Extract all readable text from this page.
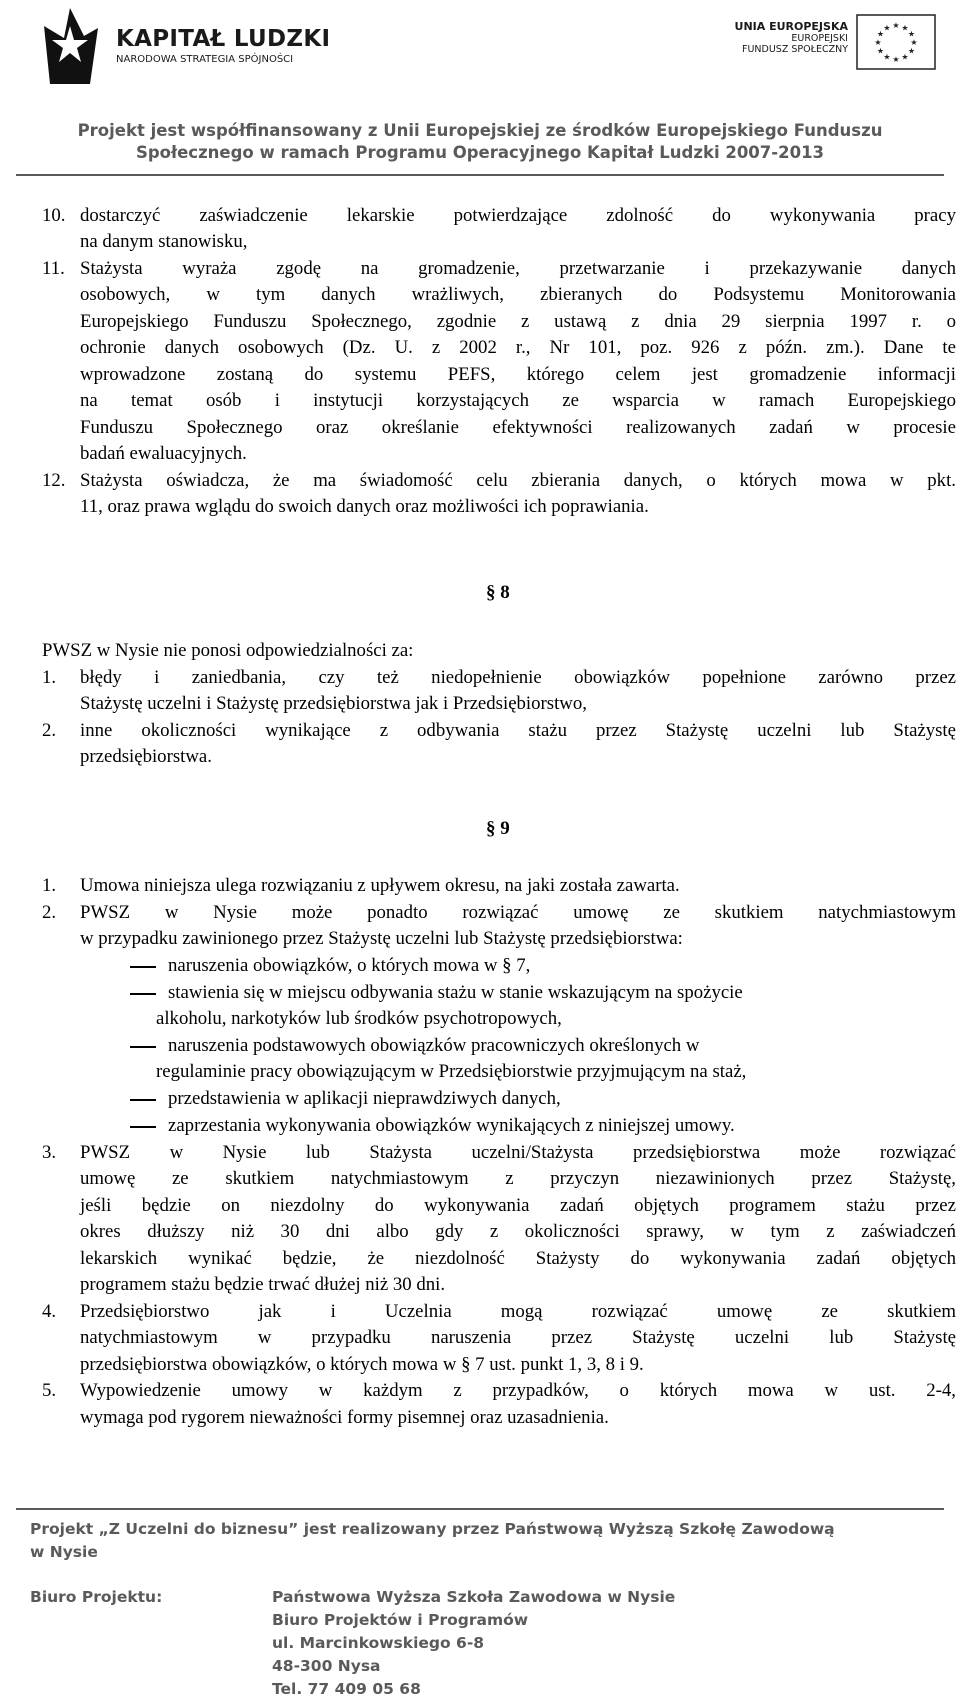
KAPITAŁ LUDZKI
NARODOWA STRATEGIA SPÓJNOŚCI
UNIA EUROPEJSKA
EUROPEJSKI
FUNDUSZ SPOŁECZNY
★ ★
★
★
★
★
★
★
★
★
★
★
Projekt jest współfinansowany z Unii Europejskiej ze środków Europejskiego Funduszu
Społecznego w ramach Programu Operacyjnego Kapitał Ludzki 2007-2013
10. dostarczyć zaświadczenie lekarskie potwierdzające zdolność do wykonywania pracy
na danym stanowisku,
11. Stażysta wyraża zgodę na gromadzenie, przetwarzanie i przekazywanie danych
osobowych, w tym danych wrażliwych, zbieranych do Podsystemu Monitorowania
Europejskiego Funduszu Społecznego, zgodnie z ustawą z dnia 29 sierpnia 1997 r. o
ochronie danych osobowych (Dz. U. z 2002 r., Nr 101, poz. 926 z późn. zm.). Dane te
wprowadzone zostaną do systemu PEFS, którego celem jest gromadzenie informacji
na temat osób i instytucji korzystających ze wsparcia w ramach Europejskiego
Funduszu Społecznego oraz określanie efektywności realizowanych zadań w procesie
badań ewaluacyjnych.
12. Stażysta oświadcza, że ma świadomość celu zbierania danych, o których mowa w pkt.
11, oraz prawa wglądu do swoich danych oraz możliwości ich poprawiania.
§ 8
PWSZ w Nysie nie ponosi odpowiedzialności za:
1. błędy i zaniedbania, czy też niedopełnienie obowiązków popełnione zarówno przez
Stażystę uczelni i Stażystę przedsiębiorstwa jak i Przedsiębiorstwo,
2. inne okoliczności wynikające z odbywania stażu przez Stażystę uczelni lub Stażystę
przedsiębiorstwa.
§ 9
1. Umowa niniejsza ulega rozwiązaniu z upływem okresu, na jaki została zawarta.
2. PWSZ w Nysie może ponadto rozwiązać umowę ze skutkiem natychmiastowym
w przypadku zawinionego przez Stażystę uczelni lub Stażystę przedsiębiorstwa:
naruszenia obowiązków, o których mowa w § 7,
stawienia się w miejscu odbywania stażu w stanie wskazującym na spożycie
alkoholu, narkotyków lub środków psychotropowych,
naruszenia podstawowych obowiązków pracowniczych określonych w
regulaminie pracy obowiązującym w Przedsiębiorstwie przyjmującym na staż,
przedstawienia w aplikacji nieprawdziwych danych,
zaprzestania wykonywania obowiązków wynikających z niniejszej umowy.
3. PWSZ w Nysie lub Stażysta uczelni/Stażysta przedsiębiorstwa może rozwiązać
umowę ze skutkiem natychmiastowym z przyczyn niezawinionych przez Stażystę,
jeśli będzie on niezdolny do wykonywania zadań objętych programem stażu przez
okres dłuższy niż 30 dni albo gdy z okoliczności sprawy, w tym z zaświadczeń
lekarskich wynikać będzie, że niezdolność Stażysty do wykonywania zadań objętych
programem stażu będzie trwać dłużej niż 30 dni.
4. Przedsiębiorstwo jak i Uczelnia mogą rozwiązać umowę ze skutkiem
natychmiastowym w przypadku naruszenia przez Stażystę uczelni lub Stażystę
przedsiębiorstwa obowiązków, o których mowa w § 7 ust. punkt 1, 3, 8 i 9.
5. Wypowiedzenie umowy w każdym z przypadków, o których mowa w ust. 2-4,
wymaga pod rygorem nieważności formy pisemnej oraz uzasadnienia.
Projekt „Z Uczelni do biznesu” jest realizowany przez Państwową Wyższą Szkołę Zawodową
w Nysie
Biuro Projektu:	Państwowa Wyższa Szkoła Zawodowa w Nysie
Biuro Projektów i Programów
ul. Marcinkowskiego 6-8
48-300 Nysa
Tel. 77 409 05 68
